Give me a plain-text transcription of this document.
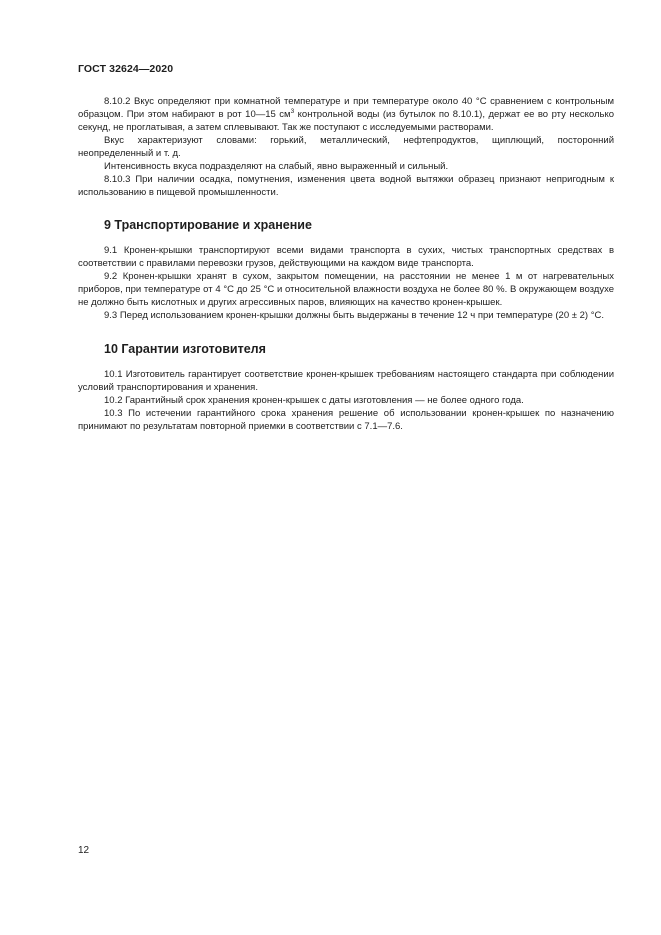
ГОСТ 32624—2020

8.10.2 Вкус определяют при комнатной температуре и при температуре около 40 °С сравнением с контрольным образцом. При этом набирают в рот 10—15 $см^3$ контрольной воды (из бутылок по 8.10.1), держат ее во рту несколько секунд, не проглатывая, а затем сплевывают. Так же поступают с исследуемыми растворами.

Вкус характеризуют словами: горький, металлический, нефтепродуктов, щиплющий, посторонний неопределенный и т. д.

Интенсивность вкуса подразделяют на слабый, явно выраженный и сильный.

8.10.3 При наличии осадка, помутнения, изменения цвета водной вытяжки образец признают непригодным к использованию в пищевой промышленности.

9 Транспортирование и хранение

9.1 Кронен-крышки транспортируют всеми видами транспорта в сухих, чистых транспортных средствах в соответствии с правилами перевозки грузов, действующими на каждом виде транспорта.

9.2 Кронен-крышки хранят в сухом, закрытом помещении, на расстоянии не менее 1 м от нагревательных приборов, при температуре от 4 °С до 25 °С и относительной влажности воздуха не более 80 %. В окружающем воздухе не должно быть кислотных и других агрессивных паров, влияющих на качество кронен-крышек.

9.3 Перед использованием кронен-крышки должны быть выдержаны в течение 12 ч при температуре (20 ± 2) °С.

10 Гарантии изготовителя

10.1 Изготовитель гарантирует соответствие кронен-крышек требованиям настоящего стандарта при соблюдении условий транспортирования и хранения.

10.2 Гарантийный срок хранения кронен-крышек с даты изготовления — не более одного года.

10.3 По истечении гарантийного срока хранения решение об использовании кронен-крышек по назначению принимают по результатам повторной приемки в соответствии с 7.1—7.6.

12
